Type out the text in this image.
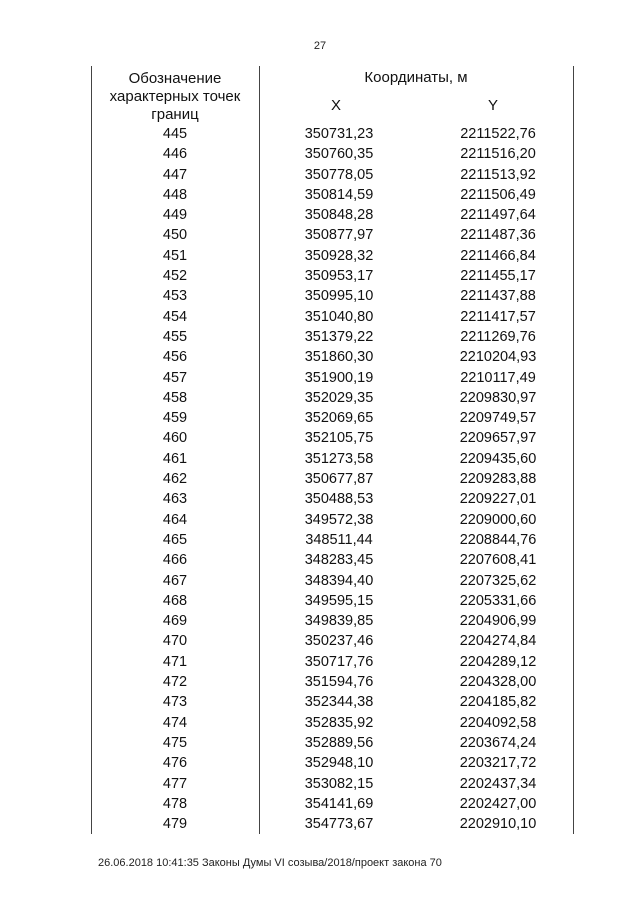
27
Обозначение характерных точек границ
Координаты, м
X	Y
445	350731,23	2211522,76
446	350760,35	2211516,20
447	350778,05	2211513,92
448	350814,59	2211506,49
449	350848,28	2211497,64
450	350877,97	2211487,36
451	350928,32	2211466,84
452	350953,17	2211455,17
453	350995,10	2211437,88
454	351040,80	2211417,57
455	351379,22	2211269,76
456	351860,30	2210204,93
457	351900,19	2210117,49
458	352029,35	2209830,97
459	352069,65	2209749,57
460	352105,75	2209657,97
461	351273,58	2209435,60
462	350677,87	2209283,88
463	350488,53	2209227,01
464	349572,38	2209000,60
465	348511,44	2208844,76
466	348283,45	2207608,41
467	348394,40	2207325,62
468	349595,15	2205331,66
469	349839,85	2204906,99
470	350237,46	2204274,84
471	350717,76	2204289,12
472	351594,76	2204328,00
473	352344,38	2204185,82
474	352835,92	2204092,58
475	352889,56	2203674,24
476	352948,10	2203217,72
477	353082,15	2202437,34
478	354141,69	2202427,00
479	354773,67	2202910,10
26.06.2018 10:41:35 Законы Думы VI созыва/2018/проект закона 70
